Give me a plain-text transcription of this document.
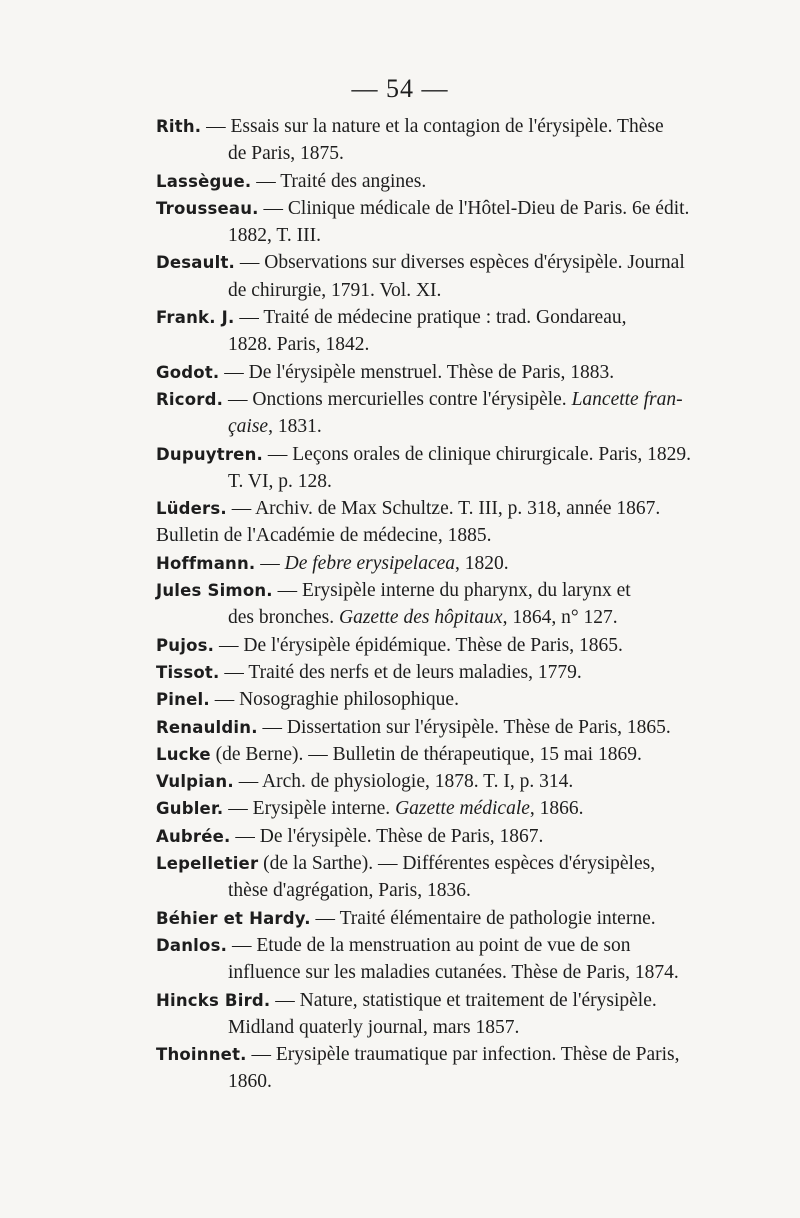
— 54 —

Rith. — Essais sur la nature et la contagion de l'érysipèle. Thèse
de Paris, 1875.

Lassègue. — Traité des angines.

Trousseau. — Clinique médicale de l'Hôtel-Dieu de Paris. 6e édit.
1882, T. III.

Desault. — Observations sur diverses espèces d'érysipèle. Journal
de chirurgie, 1791. Vol. XI.

Frank. J. — Traité de médecine pratique : trad. Gondareau,
1828. Paris, 1842.

Godot. — De l'érysipèle menstruel. Thèse de Paris, 1883.

Ricord. — Onctions mercurielles contre l'érysipèle. Lancette fran-
çaise, 1831.

Dupuytren. — Leçons orales de clinique chirurgicale. Paris, 1829.
T. VI, p. 128.

Lüders. — Archiv. de Max Schultze. T. III, p. 318, année 1867.

Bulletin de l'Académie de médecine, 1885.

Hoffmann. — De febre erysipelacea, 1820.

Jules Simon. — Erysipèle interne du pharynx, du larynx et
des bronches. Gazette des hôpitaux, 1864, n° 127.

Pujos. — De l'érysipèle épidémique. Thèse de Paris, 1865.

Tissot. — Traité des nerfs et de leurs maladies, 1779.

Pinel. — Nosograghie philosophique.

Renauldin. — Dissertation sur l'érysipèle. Thèse de Paris, 1865.

Lucke (de Berne). — Bulletin de thérapeutique, 15 mai 1869.

Vulpian. — Arch. de physiologie, 1878. T. I, p. 314.

Gubler. — Erysipèle interne. Gazette médicale, 1866.

Aubrée. — De l'érysipèle. Thèse de Paris, 1867.

Lepelletier (de la Sarthe). — Différentes espèces d'érysipèles,
thèse d'agrégation, Paris, 1836.

Béhier et Hardy. — Traité élémentaire de pathologie interne.

Danlos. — Etude de la menstruation au point de vue de son
influence sur les maladies cutanées. Thèse de Paris, 1874.

Hincks Bird. — Nature, statistique et traitement de l'érysipèle.
Midland quaterly journal, mars 1857.

Thoinnet. — Erysipèle traumatique par infection. Thèse de Paris,
1860.
